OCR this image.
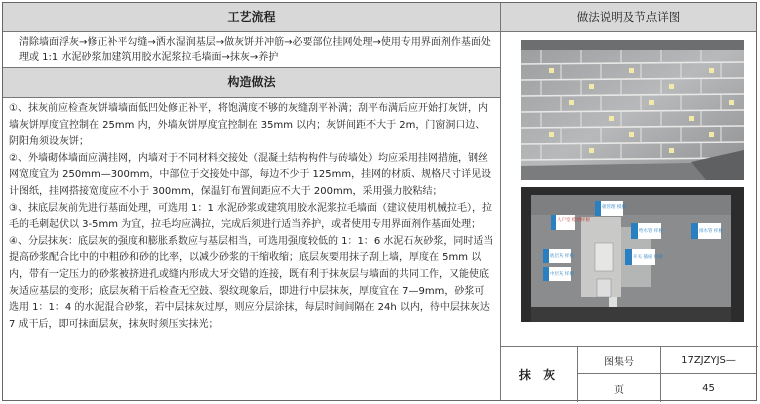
工艺流程	做法说明及节点详图
清除墙面浮灰→修正补平勾缝→洒水湿润基层→做灰饼并冲筋→必要部位挂网处理→使用专用界面剂作基面处理或 1:1 水泥砂浆加建筑用胶水泥浆拉毛墙面→抹灰→养护
构造做法

①、抹灰前应检查灰饼墙墙面低凹处修正补平，将饱满度不够的灰缝刮平补满；刮平布满后应开始打灰饼，内墙灰饼厚度宜控制在 25mm 内，外墙灰饼厚度宜控制在 35mm 以内；灰饼间距不大于 2m，门窗洞口边、阴阳角须设灰饼；

②、外墙砌体墙面应满挂网，内墙对于不同材料交接处（混凝土结构构件与砖墙处）均应采用挂网措施，钢丝网宽度宜为 250mm—300mm，中部位于交接处中部，每边不少于 125mm，挂网的材质、规格尺寸详见设计图纸，挂网搭接宽度应不小于 300mm，保温钉布置间距应不大于 200mm，采用强力胶粘结；

③、抹底层灰前先进行基面处理，可选用 1：1 水泥砂浆或建筑用胶水泥浆拉毛墙面（建议使用机械拉毛），拉毛的毛刺起伏以 3-5mm 为宜，拉毛均应满拉，完成后须进行适当养护，或者使用专用界面剂作基面处理；

④、分层抹灰：底层灰的强度和膨胀系数应与基层相当，可选用强度较低的 1：1：6 水泥石灰砂浆，同时适当提高砂浆配合比中的中粗砂和砂的比率，以减少砂浆的干缩收缩；底层灰要用抹子刮上墙，厚度在 5mm 以内，带有一定压力的砂浆被挤进孔或缝内形成大牙交错的连接，既有利于抹灰层与墙面的共同工作，又能使底灰适应基层的变形；底层灰稍干后检查无空鼓、裂纹现象后，即进行中层抹灰，厚度宜在 7—9mm，砂浆可选用 1：1：4 的水泥混合砂浆，若中层抹灰过厚，则应分层涂抹，每层时间间隔在 24h 以内，待中层抹灰达 7 成干后，即可抹面层灰，抹灰时须压实抹光；

人户室 桂网样板
板管理 模板
底层灰 样板
中层灰 样板
给水管 样板
开关 插座 样板
排水管 样板
抹 灰
图集号	17ZJZYJS—
页	45
